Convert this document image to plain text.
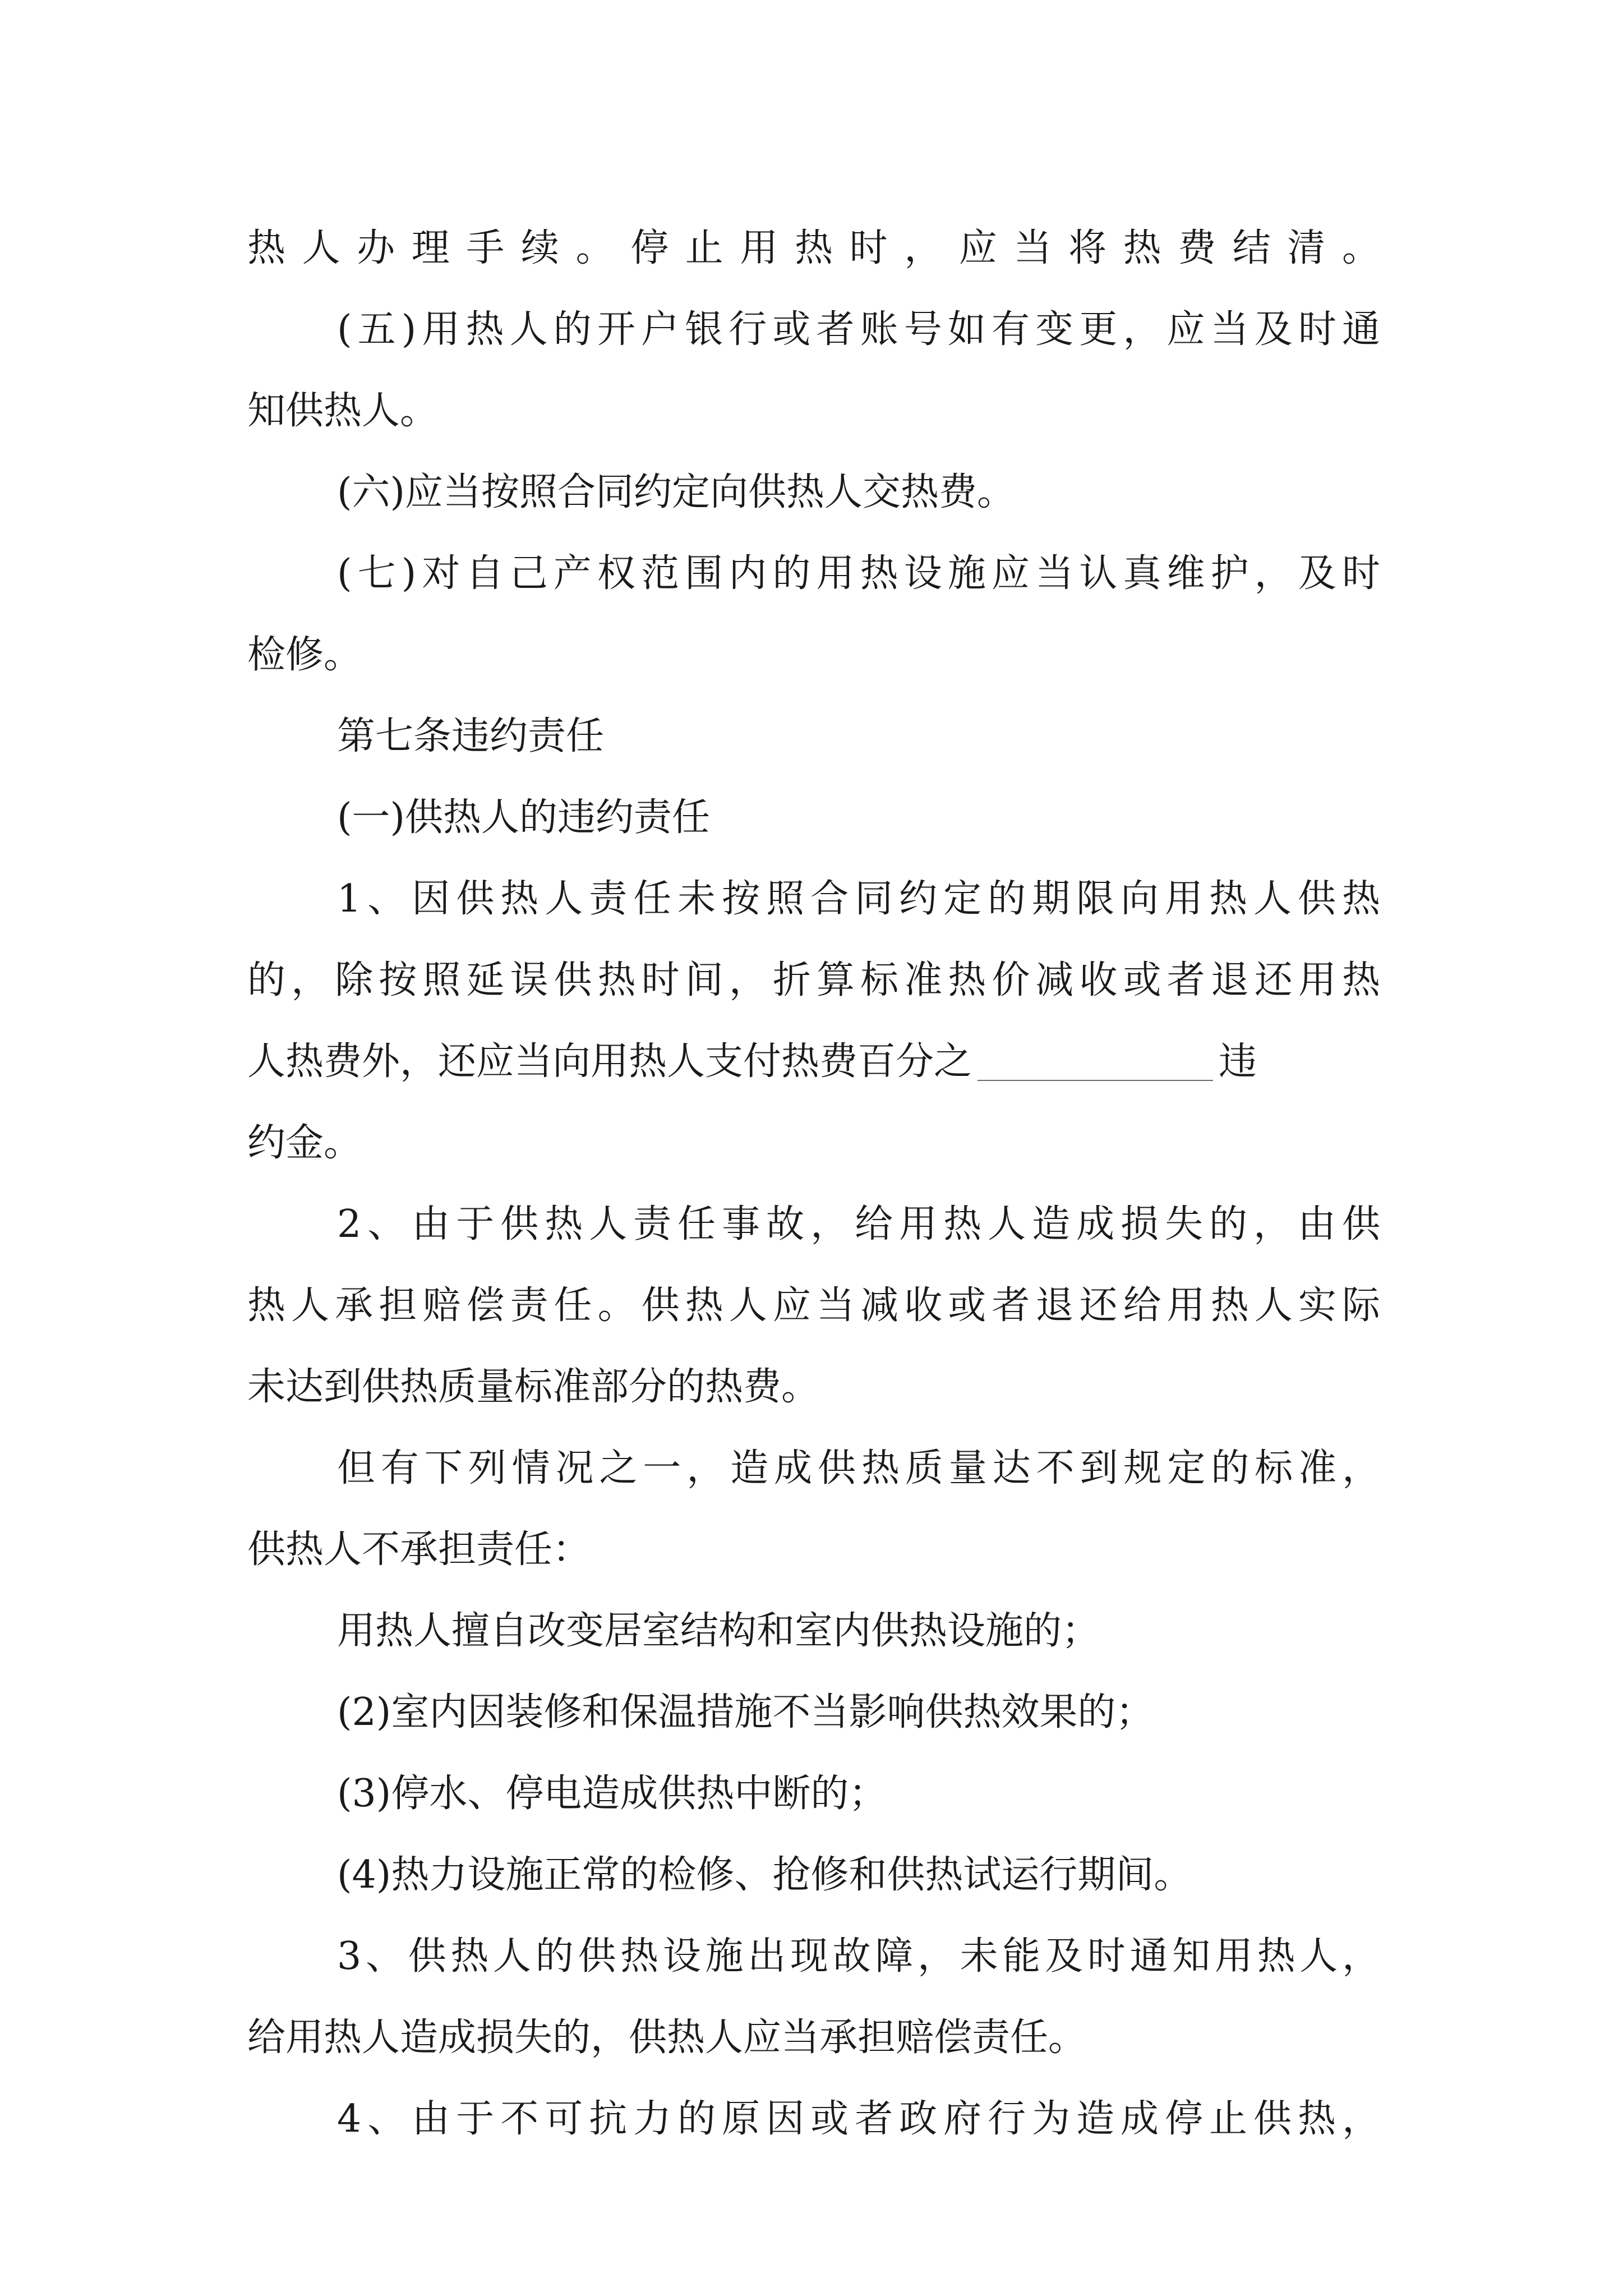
热人办理手续。停止用热时，应当将热费结清。
(五)用热人的开户银行或者账号如有变更，应当及时通
知供热人。
(六)应当按照合同约定向供热人交热费。
(七)对自己产权范围内的用热设施应当认真维护，及时
检修。
第七条违约责任
(一)供热人的违约责任
1、因供热人责任未按照合同约定的期限向用热人供热
的，除按照延误供热时间，折算标准热价减收或者退还用热
人热费外，还应当向用热人支付热费百分之	违
约金。
2、由于供热人责任事故，给用热人造成损失的，由供
热人承担赔偿责任。供热人应当减收或者退还给用热人实际
未达到供热质量标准部分的热费。
但有下列情况之一，造成供热质量达不到规定的标准，
供热人不承担责任：
用热人擅自改变居室结构和室内供热设施的；
(2)室内因装修和保温措施不当影响供热效果的；
(3)停水、停电造成供热中断的；
(4)热力设施正常的检修、抢修和供热试运行期间。
3、供热人的供热设施出现故障，未能及时通知用热人，
给用热人造成损失的，供热人应当承担赔偿责任。
4、由于不可抗力的原因或者政府行为造成停止供热，
